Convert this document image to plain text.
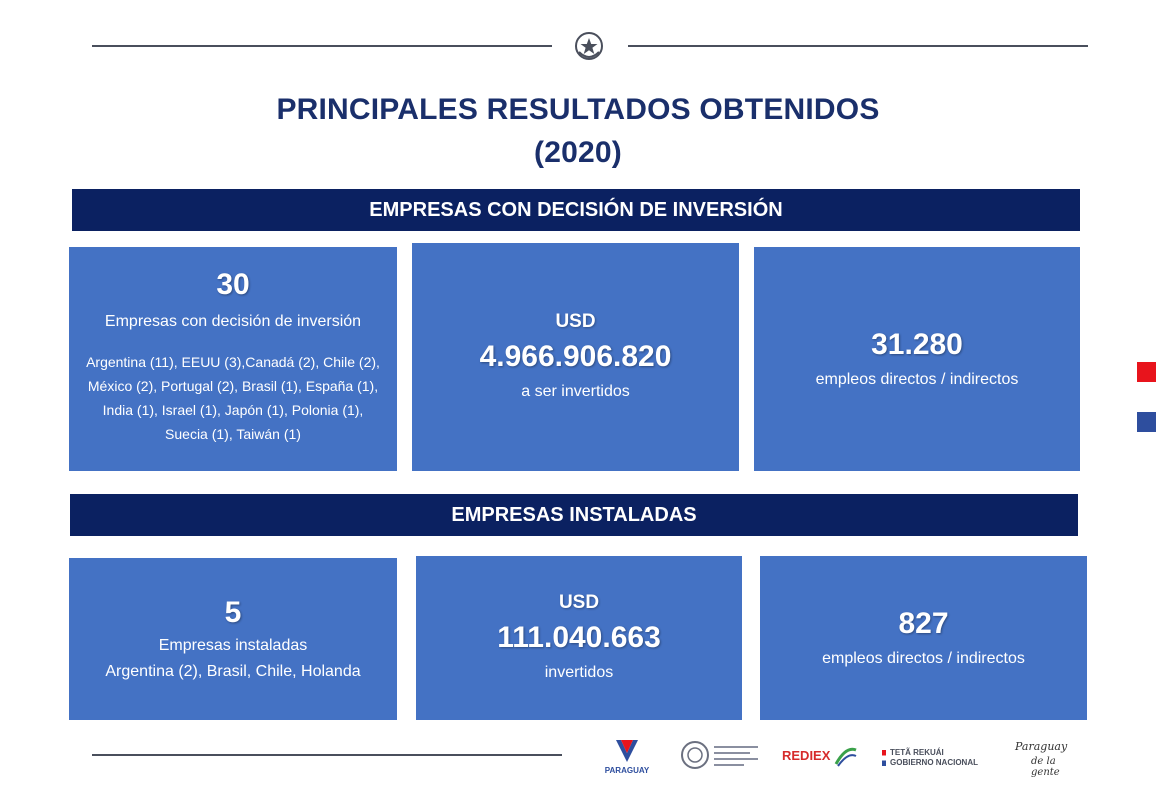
PRINCIPALES RESULTADOS OBTENIDOS
(2020)
EMPRESAS CON DECISIÓN DE INVERSIÓN
30
Empresas con decisión de inversión
Argentina (11), EEUU (3),Canadá (2), Chile (2), México (2), Portugal (2), Brasil (1), España (1), India (1), Israel (1), Japón (1), Polonia (1), Suecia (1), Taiwán (1)
USD
4.966.906.820
a ser invertidos
31.280
empleos directos / indirectos
EMPRESAS INSTALADAS
5
Empresas instaladas
Argentina (2), Brasil, Chile, Holanda
USD
111.040.663
invertidos
827
empleos directos / indirectos
PARAGUAY
REDIEX	TETÃ REKUÁI
GOBIERNO NACIONAL
Paraguay
de la gente
